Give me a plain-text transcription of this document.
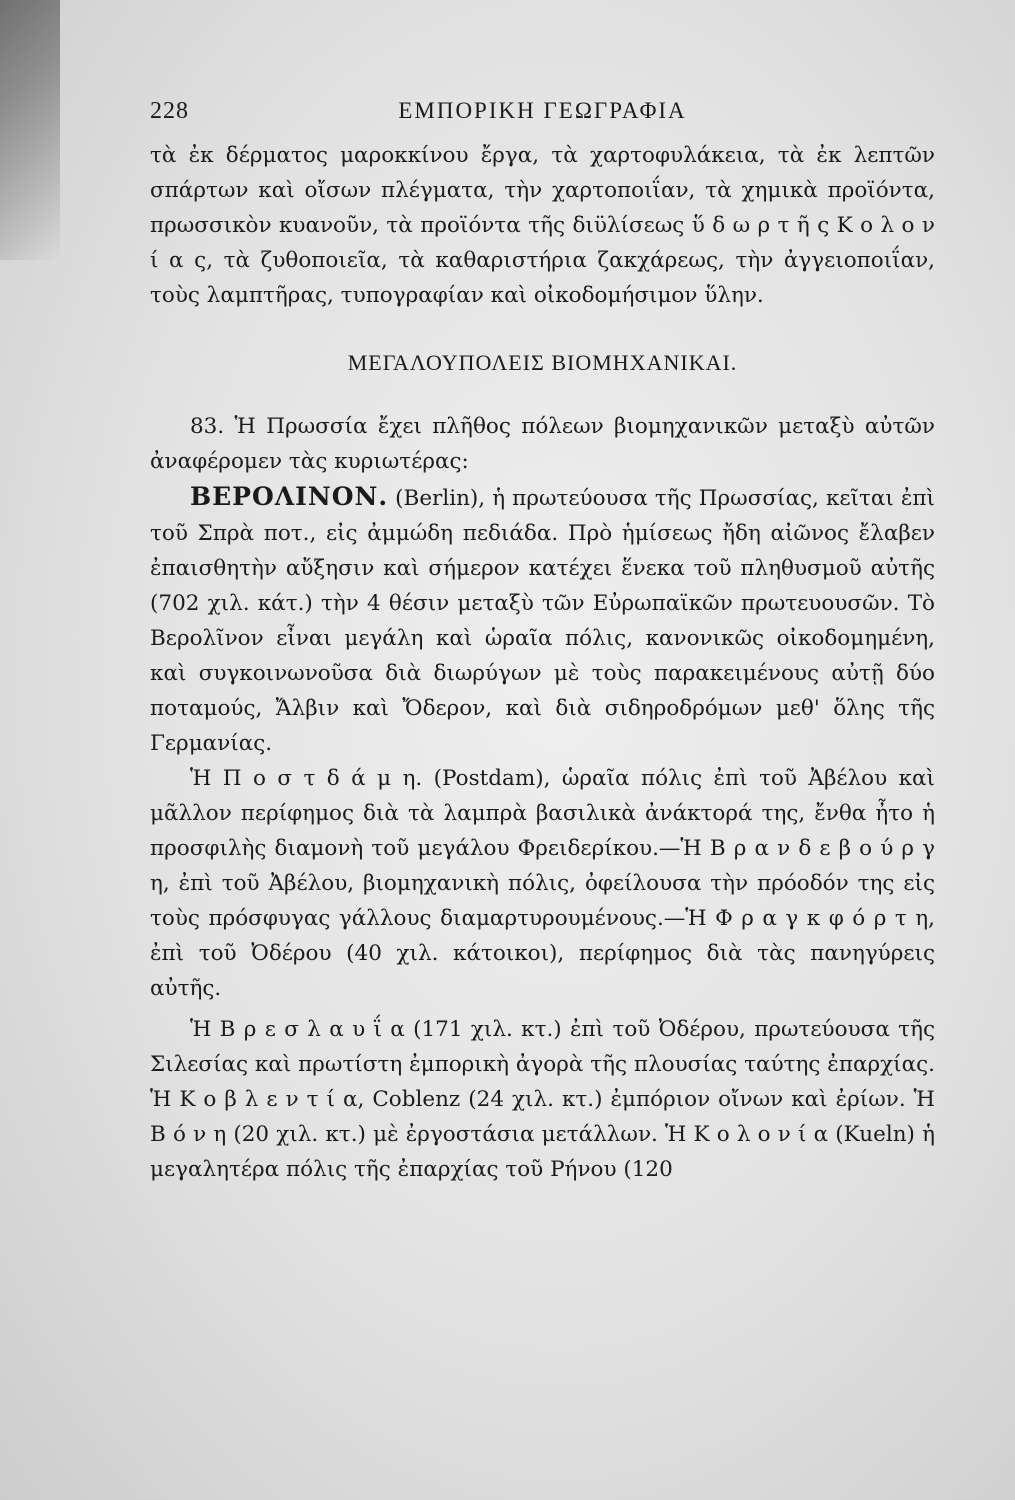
228	ΕΜΠΟΡΙΚΗ ΓΕΩΓΡΑΦΙΑ

τὰ ἐκ δέρματος μαροκκίνου ἔργα, τὰ χαρτοφυλάκεια, τὰ ἐκ λεπτῶν σπάρτων καὶ οἴσων πλέγματα, τὴν χαρτοποιΐαν, τὰ χημικὰ προϊόντα, πρωσσικὸν κυανοῦν, τὰ προϊόντα τῆς διϋλίσεως ὕ δ ω ρ τ ῆ ς Κ ο λ ο ν ί α ς, τὰ ζυθοποιεῖα, τὰ καθαριστήρια ζακχάρεως, τὴν ἀγγειοποιΐαν, τοὺς λαμπτῆρας, τυπογραφίαν καὶ οἰκοδομήσιμον ὕλην.

ΜΕΓΑΛΟΥΠΟΛΕΙΣ ΒΙΟΜΗΧΑΝΙΚΑΙ.

83. Ἡ Πρωσσία ἔχει πλῆθος πόλεων βιομηχανικῶν μεταξὺ αὐτῶν ἀναφέρομεν τὰς κυριωτέρας:

ΒΕΡΟΛΙΝΟΝ. (Berlin), ἡ πρωτεύουσα τῆς Πρωσσίας, κεῖται ἐπὶ τοῦ Σπρὰ ποτ., εἰς ἀμμώδη πεδιάδα. Πρὸ ἡμίσεως ἤδη αἰῶνος ἔλαβεν ἐπαισθητὴν αὔξησιν καὶ σήμερον κατέχει ἕνεκα τοῦ πληθυσμοῦ αὐτῆς (702 χιλ. κάτ.) τὴν 4 θέσιν μεταξὺ τῶν Εὐρωπαϊκῶν πρωτευουσῶν. Τὸ Βερολῖνον εἶναι μεγάλη καὶ ὡραῖα πόλις, κανονικῶς οἰκοδομημένη, καὶ συγκοινωνοῦσα διὰ διωρύγων μὲ τοὺς παρακειμένους αὐτῇ δύο ποταμούς, Ἄλβιν καὶ Ὄδερον, καὶ διὰ σιδηροδρόμων μεθ' ὅλης τῆς Γερμανίας.

Ἡ Π ο σ τ δ ά μ η. (Postdam), ὡραῖα πόλις ἐπὶ τοῦ Ἀβέλου καὶ μᾶλλον περίφημος διὰ τὰ λαμπρὰ βασιλικὰ ἀνάκτορά της, ἔνθα ἦτο ἡ προσφιλὴς διαμονὴ τοῦ μεγάλου Φρειδερίκου.—Ἡ Β ρ α ν δ ε β ο ύ ρ γ η, ἐπὶ τοῦ Ἀβέλου, βιομηχανικὴ πόλις, ὀφείλουσα τὴν πρόοδόν της εἰς τοὺς πρόσφυγας γάλλους διαμαρτυρουμένους.—Ἡ Φ ρ α γ κ φ ό ρ τ η, ἐπὶ τοῦ Ὀδέρου (40 χιλ. κάτοικοι), περίφημος διὰ τὰς πανηγύρεις αὐτῆς.

Ἡ Β ρ ε σ λ α υ ΐ α (171 χιλ. κτ.) ἐπὶ τοῦ Ὀδέρου, πρωτεύουσα τῆς Σιλεσίας καὶ πρωτίστη ἐμπορικὴ ἀγορὰ τῆς πλουσίας ταύτης ἐπαρχίας. Ἡ Κ ο β λ ε ν τ ί α, Coblenz (24 χιλ. κτ.) ἐμπόριον οἴνων καὶ ἐρίων. Ἡ Β ό ν η (20 χιλ. κτ.) μὲ ἐργοστάσια μετάλλων. Ἡ Κ ο λ ο ν ί α (Kueln) ἡ μεγαλητέρα πόλις τῆς ἐπαρχίας τοῦ Ρήνου (120
